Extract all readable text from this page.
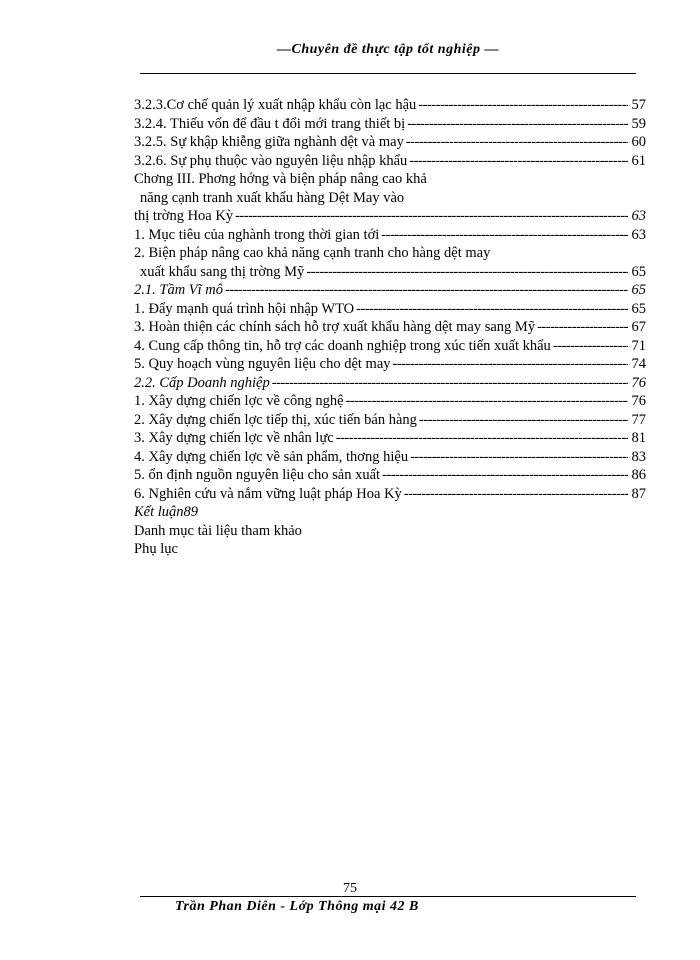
—Chuyên đề thực tập tốt nghiệp —
3.2.3.Cơ chế quản lý xuất nhập khẩu còn lạc hậu -----	57
3.2.4. Thiếu vốn để đầu t đổi mới trang thiết bị -----	59
3.2.5. Sự khập khiễng giữa nghành dệt và may -----	60
3.2.6. Sự phụ thuộc vào nguyên liệu nhập khẩu -----	61
Chơng III. Phơng hớng và biện pháp nâng cao khả
năng cạnh tranh xuất khẩu hàng Dệt May vào
thị trờng Hoa Kỳ -----	63
1. Mục tiêu của nghành trong thời gian tới -----	63
2. Biện pháp nâng cao khả năng cạnh tranh cho hàng dệt may
xuất khẩu sang thị trờng Mỹ -----	65
2.1. Tầm Vĩ mô -----	65
1. Đẩy mạnh quá trình hội nhập WTO -----	65
3. Hoàn thiện các chính sách hỗ trợ xuất khẩu hàng dệt may sang Mỹ -----	67
4. Cung cấp thông tin, hỗ trợ các doanh nghiệp trong xúc tiến xuất khẩu -----	71
5. Quy hoạch vùng nguyên liệu cho dệt may -----	74
2.2. Cấp Doanh nghiệp -----	76
1. Xây dựng chiến lợc về công nghệ -----	76
2. Xây dựng chiến lợc tiếp thị, xúc tiến bán hàng -----	77
3. Xây dựng chiến lợc về nhân lực -----	81
4. Xây dựng chiến lợc về sản phẩm, thơng hiệu -----	83
5. ổn định nguồn nguyên liệu cho sản xuất -----	86
6. Nghiên cứu và nắm vững luật pháp Hoa Kỳ -----	87
Kết luận89
Danh mục tài liệu tham khảo
Phụ lục
75
Trần Phan Diên - Lớp Thông mại 42 B
